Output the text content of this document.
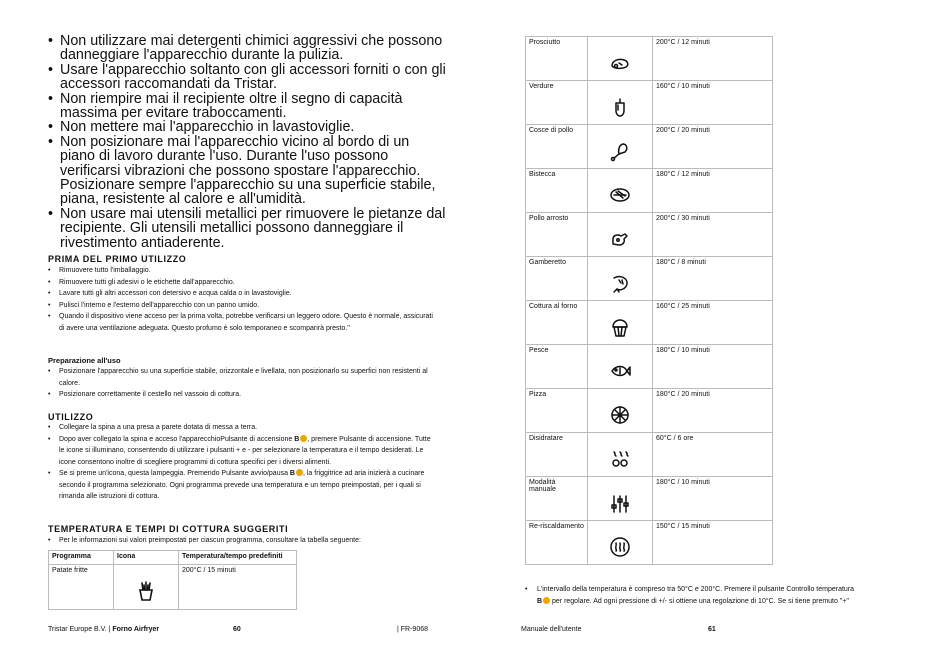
• Non utilizzare mai detergenti chimici aggressivi che possono danneggiare l'apparecchio durante la pulizia.
• Usare l'apparecchio soltanto con gli accessori forniti o con gli accessori raccomandati da Tristar.
• Non riempire mai il recipiente oltre il segno di capacità massima per evitare traboccamenti.
• Non mettere mai l'apparecchio in lavastoviglie.
• Non posizionare mai l'apparecchio vicino al bordo di un piano di lavoro durante l'uso. Durante l'uso possono verificarsi vibrazioni che possono spostare l'apparecchio. Posizionare sempre l'apparecchio su una superficie stabile, piana, resistente al calore e all'umidità.
• Non usare mai utensili metallici per rimuovere le pietanze dal recipiente. Gli utensili metallici possono danneggiare il rivestimento antiaderente.
PRIMA DEL PRIMO UTILIZZO
• Rimuovere tutto l'imballaggio.
• Rimuovere tutti gli adesivi o le etichette dall'apparecchio.
• Lavare tutti gli altri accessori con detersivo e acqua calda o in lavastoviglie.
• Pulisci l'interno e l'esterno dell'apparecchio con un panno umido.
• Quando il dispositivo viene acceso per la prima volta, potrebbe verificarsi un leggero odore. Questo è normale, assicurati di avere una ventilazione adeguata. Questo profumo è solo temporaneo e scomparirà presto."
Preparazione all'uso
• Posizionare l'apparecchio su una superficie stabile, orizzontale e livellata, non posizionarlo su superfici non resistenti al calore.
• Posizionare correttamente il cestello nel vassoio di cottura.
UTILIZZO
• Collegare la spina a una presa a parete dotata di messa a terra.
• Dopo aver collegato la spina e acceso l'apparecchioPulsante di accensione B , premere Pulsante di accensione. Tutte le icone si illuminano, consentendo di utilizzare i pulsanti + e - per selezionare la temperatura e il tempo desiderati. Le icone consentono inoltre di scegliere programmi di cottura specifici per i diversi alimenti.
• Se si preme un'icona, questa lampeggia. Premendo Pulsante avvio/pausa B , la friggitrice ad aria inizierà a cucinare secondo il programma selezionato. Ogni programma prevede una temperatura e un tempo preimpostati, per i quali si rimanda alle istruzioni di cottura.
TEMPERATURA E TEMPI DI COTTURA SUGGERITI
• Per le informazioni sui valori preimpostati per ciascun programma, consultare la tabella seguente:
Programma	Icona	Temperatura/tempo predefiniti
Patate fritte		200°C / 15 minuti
Tristar Europe B.V. | Forno Airfryer	60	| FR-9068
Prosciutto		200°C / 12 minuti
Verdure		160°C / 10 minuti
Cosce di pollo		200°C / 20 minuti
Bistecca		180°C / 12 minuti
Pollo arrosto		200°C / 30 minuti
Gamberetto		180°C / 8 minuti
Cottura al forno		160°C / 25 minuti
Pesce		180°C / 10 minuti
Pizza		180°C / 20 minuti
Disidratare		60°C / 6 ore
Modalità manuale		180°C / 10 minuti
Re-riscaldamento		150°C / 15 minuti
•	L'intervallo della temperatura è compreso tra 50°C e 200°C. Premere il pulsante Controllo temperatura
B per regolare. Ad ogni pressione di +/- si ottiene una regolazione di 10°C. Se si tiene premuto "+"
Manuale dell'utente	61
